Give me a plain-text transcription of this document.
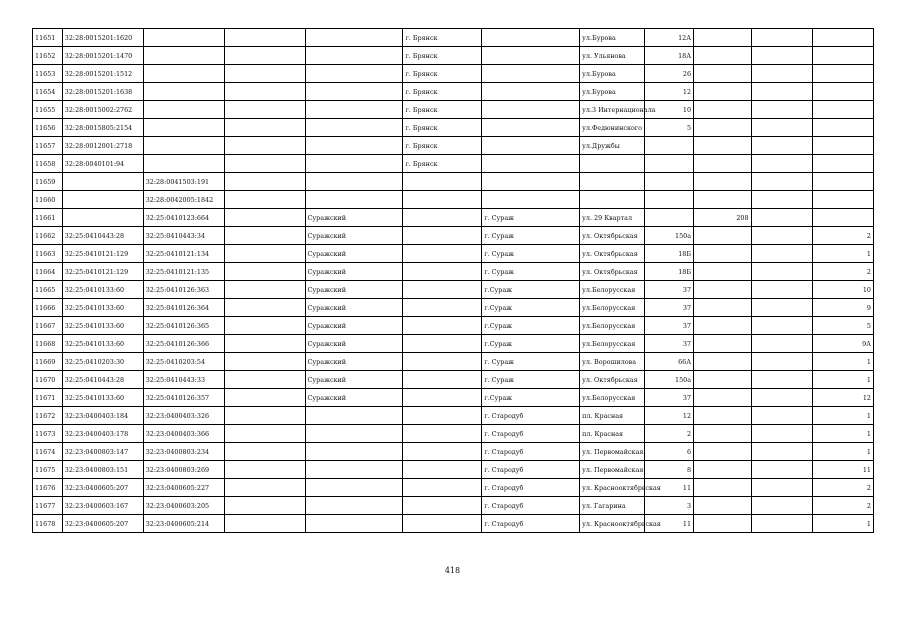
11651	32:28:0015201:1620				г. Брянск		ул.Бурова	12А			
11652	32:28:0015201:1470				г. Брянск		ул. Ульянова	18А			
11653	32:28:0015201:1512				г. Брянск		ул.Бурова	26			
11654	32:28:0015201:1638				г. Брянск		ул.Бурова	12			
11655	32:28:0015002:2762				г. Брянск		ул.3 Интернационала	10			
11656	32:28:0015805:2154				г. Брянск		ул.Федюнинского	5			
11657	32:28:0012001:2718				г. Брянск		ул.Дружбы				
11658	32:28:0040101:94				г. Брянск						
11659		32:28:0041503:191									
11660		32:28:0042005:1842									
11661		32:25:0410123:664		Суражский		г. Сураж	ул. 29 Квартал		208		
11662	32:25:0410443:28	32:25:0410443:34		Суражский		г. Сураж	ул. Октябрьская	150а			2
11663	32:25:0410121:129	32:25:0410121:134		Суражский		г. Сураж	ул. Октябрьская	18Б			1
11664	32:25:0410121:129	32:25:0410121:135		Суражский		г. Сураж	ул. Октябрьская	18Б			2
11665	32:25:0410133:60	32:25:0410126:363		Суражский		г.Сураж	ул.Белорусская	37			10
11666	32:25:0410133:60	32:25:0410126:364		Суражский		г.Сураж	ул.Белорусская	37			9
11667	32:25:0410133:60	32:25:0410126:365		Суражский		г.Сураж	ул.Белорусская	37			5
11668	32:25:0410133:60	32:25:0410126:366		Суражский		г.Сураж	ул.Белорусская	37			9А
11669	32:25:0410203:30	32:25:0410203:54		Суражский		г. Сураж	ул. Ворошилова	66А			1
11670	32:25:0410443:28	32:25:0410443:33		Суражский		г. Сураж	ул. Октябрьская	150а			1
11671	32:25:0410133:60	32:25:0410126:357		Суражский		г.Сураж	ул.Белорусская	37			12
11672	32:23:0400403:184	32:23:0400403:326				г. Стародуб	пл. Красная	12			1
11673	32:23:0400403:178	32:23:0400403:366				г. Стародуб	пл. Красная	2			1
11674	32:23:0400803:147	32:23:0400803:234				г. Стародуб	ул. Первомайская	6			1
11675	32:23:0400803:151	32:23:0400803:269				г. Стародуб	ул. Первомайская	8			11
11676	32:23:0400605:207	32:23:0400605:227				г. Стародуб	ул. Краснооктябрьская	11			2
11677	32:23:0400603:167	32:23:0400603:205				г. Стародуб	ул. Гагарина	3			2
11678	32:23:0400605:207	32:23:0400605:214				г. Стародуб	ул. Краснооктябрьская	11			1
418
